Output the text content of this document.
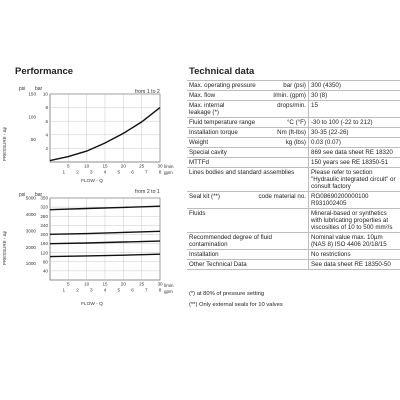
Performance	Technical data
psi bar	from 1 to 2
PRESSURE - Δp
FLOW - Q
l/min
gpm
5	10	15	20	25	30
1 2 3 4 5 6 7 8
10
8
6
4
2
150
100
50
psi bar	from 2 to 1
PRESSURE - Δp
FLOW - Q
l/min
gpm
5	10	15	20	25	30
1 2 3 4 5 6 7 8
350
320
280
240
200
160
120
80
40
5000
4000
3000
2000
1000
Max. operating pressure	bar (psi)	300 (4350)
Max. flow	l/min. (gpm)	30 (8)
Max. internal leakage (*)	drops/min.	15
Fluid temperature range	°C (°F)	-30 to 100 (-22 to 212)
Installation torque	Nm (ft-lbs)	30-35 (22-26)
Weight	kg (lbs)	0.03 (0.07)
Special cavity		869 see data sheet RE 18320
MTTFd		150 years see RE 18350-51
Lines bodies and standard assemblies		Please refer to section "Hydraulic integrated circuit" or consult factory
Seal kit (**)	code material no.	RG08690200000100 R931002405
Fluids		Mineral-based or synthetics with lubricating properties at viscosities of 10 to 500 mm²/s
Recommended degree of fluid contamination		Nominal value max. 10µm (NAS 8) ISO 4406 20/18/15
Installation		No restrictions
Other Technical Data		See data sheet RE 18350-50
(*) at 80% of pressure setting
(**) Only external seals for 10 valves
